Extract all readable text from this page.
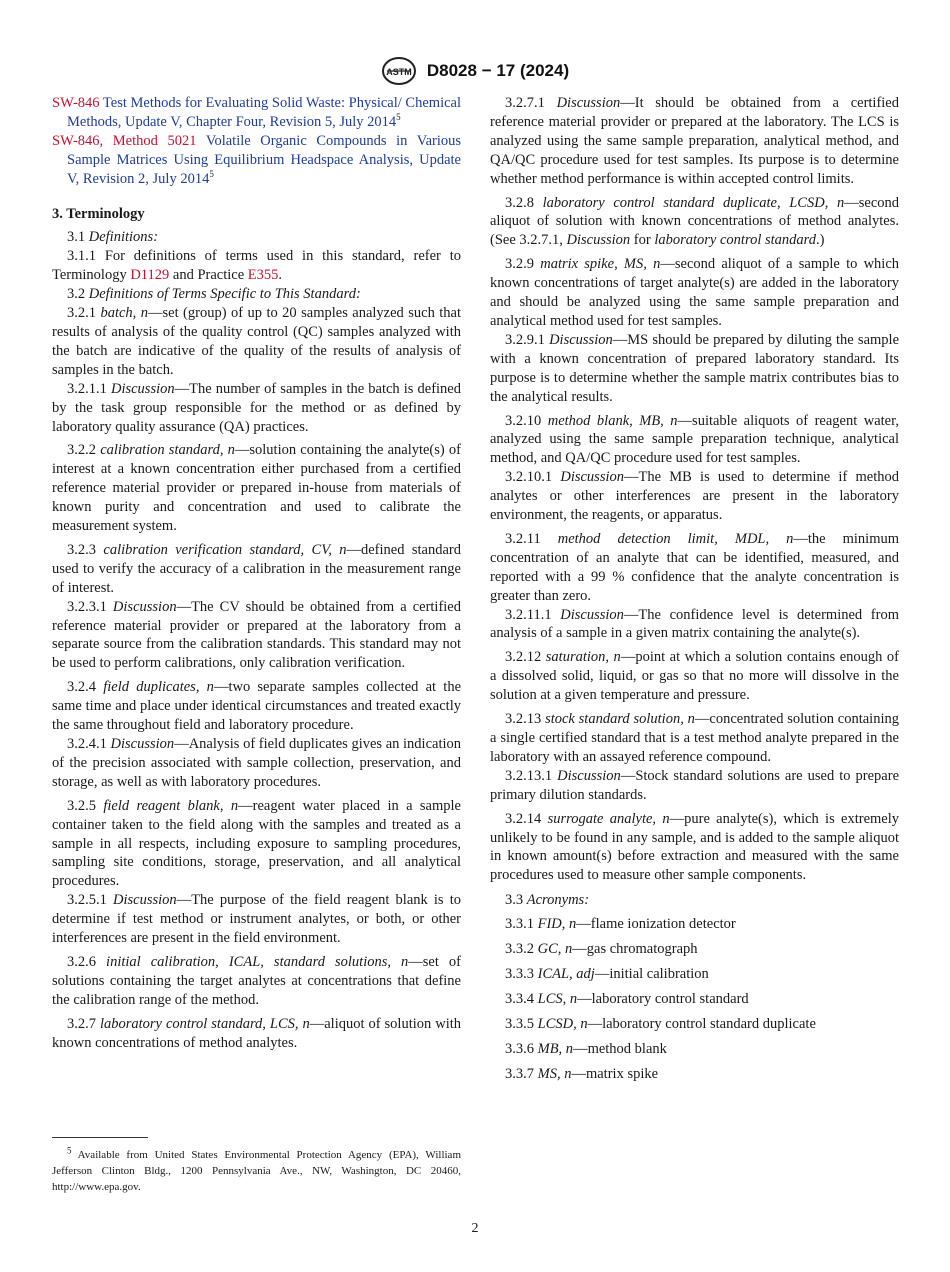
ASTM D8028 − 17 (2024)

SW-846 Test Methods for Evaluating Solid Waste: Physical/ Chemical Methods, Update V, Chapter Four, Revision 5, July 2014$^5$

SW-846, Method 5021 Volatile Organic Compounds in Various Sample Matrices Using Equilibrium Headspace Analysis, Update V, Revision 2, July 2014$^5$

3. Terminology

3.1 Definitions:

3.1.1 For definitions of terms used in this standard, refer to Terminology D1129 and Practice E355.

3.2 Definitions of Terms Specific to This Standard:

3.2.1 batch, n—set (group) of up to 20 samples analyzed such that results of analysis of the quality control (QC) samples analyzed with the batch are indicative of the quality of the results of analysis of samples in the batch.

3.2.1.1 Discussion—The number of samples in the batch is defined by the task group responsible for the method or as defined by laboratory quality assurance (QA) practices.

3.2.2 calibration standard, n—solution containing the analyte(s) of interest at a known concentration either purchased from a certified reference material provider or prepared in-house from materials of known purity and concentration and used to calibrate the measurement system.

3.2.3 calibration verification standard, CV, n—defined standard used to verify the accuracy of a calibration in the measurement range of interest.

3.2.3.1 Discussion—The CV should be obtained from a certified reference material provider or prepared at the laboratory from a separate source from the calibration standards. This standard may not be used to perform calibrations, only calibration verification.

3.2.4 field duplicates, n—two separate samples collected at the same time and place under identical circumstances and treated exactly the same throughout field and laboratory procedure.

3.2.4.1 Discussion—Analysis of field duplicates gives an indication of the precision associated with sample collection, preservation, and storage, as well as with laboratory procedures.

3.2.5 field reagent blank, n—reagent water placed in a sample container taken to the field along with the samples and treated as a sample in all respects, including exposure to sampling procedures, sampling site conditions, storage, preservation, and all analytical procedures.

3.2.5.1 Discussion—The purpose of the field reagent blank is to determine if test method or instrument analytes, or both, or other interferences are present in the field environment.

3.2.6 initial calibration, ICAL, standard solutions, n—set of solutions containing the target analytes at concentrations that define the calibration range of the method.

3.2.7 laboratory control standard, LCS, n—aliquot of solution with known concentrations of method analytes.

3.2.7.1 Discussion—It should be obtained from a certified reference material provider or prepared at the laboratory. The LCS is analyzed using the same sample preparation, analytical method, and QA/QC procedure used for test samples. Its purpose is to determine whether method performance is within accepted control limits.

3.2.8 laboratory control standard duplicate, LCSD, n—second aliquot of solution with known concentrations of method analytes. (See 3.2.7.1, Discussion for laboratory control standard.)

3.2.9 matrix spike, MS, n—second aliquot of a sample to which known concentrations of target analyte(s) are added in the laboratory and should be analyzed using the same sample preparation and analytical method used for test samples.

3.2.9.1 Discussion—MS should be prepared by diluting the sample with a known concentration of prepared laboratory standard. Its purpose is to determine whether the sample matrix contributes bias to the analytical results.

3.2.10 method blank, MB, n—suitable aliquots of reagent water, analyzed using the same sample preparation technique, analytical method, and QA/QC procedure used for test samples.

3.2.10.1 Discussion—The MB is used to determine if method analytes or other interferences are present in the laboratory environment, the reagents, or apparatus.

3.2.11 method detection limit, MDL, n—the minimum concentration of an analyte that can be identified, measured, and reported with a 99 % confidence that the analyte concentration is greater than zero.

3.2.11.1 Discussion—The confidence level is determined from analysis of a sample in a given matrix containing the analyte(s).

3.2.12 saturation, n—point at which a solution contains enough of a dissolved solid, liquid, or gas so that no more will dissolve in the solution at a given temperature and pressure.

3.2.13 stock standard solution, n—concentrated solution containing a single certified standard that is a test method analyte prepared in the laboratory with an assayed reference compound.

3.2.13.1 Discussion—Stock standard solutions are used to prepare primary dilution standards.

3.2.14 surrogate analyte, n—pure analyte(s), which is extremely unlikely to be found in any sample, and is added to the sample aliquot in known amount(s) before extraction and measured with the same procedures used to measure other sample components.

3.3 Acronyms:

3.3.1 FID, n—flame ionization detector

3.3.2 GC, n—gas chromatograph

3.3.3 ICAL, adj—initial calibration

3.3.4 LCS, n—laboratory control standard

3.3.5 LCSD, n—laboratory control standard duplicate

3.3.6 MB, n—method blank

3.3.7 MS, n—matrix spike

$^5$ Available from United States Environmental Protection Agency (EPA), William Jefferson Clinton Bldg., 1200 Pennsylvania Ave., NW, Washington, DC 20460, http://www.epa.gov.

2
